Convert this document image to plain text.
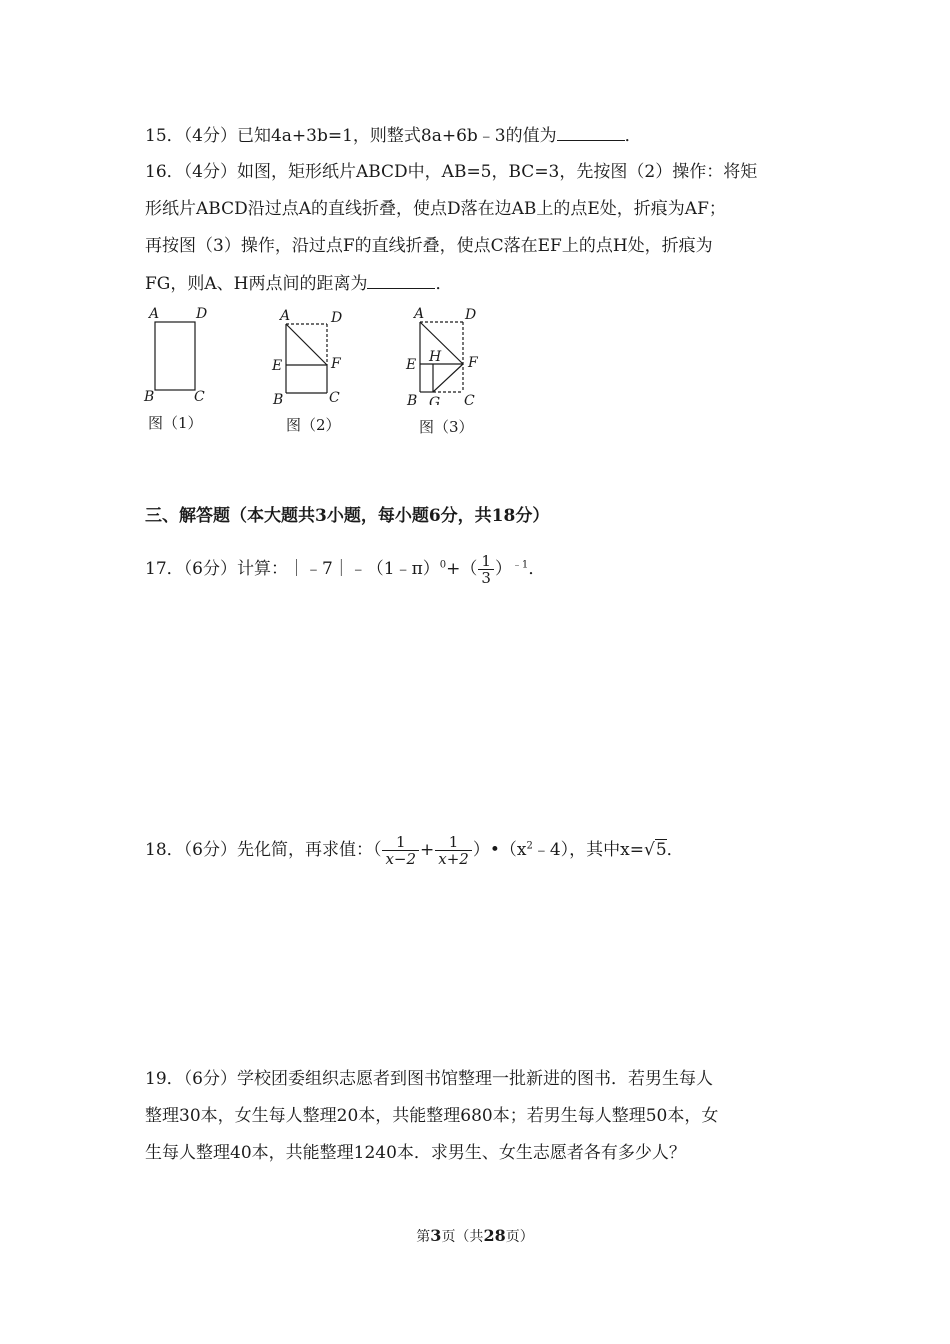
15．（4分）已知4a+3b=1，则整式8a+6b﹣3的值为	．
16．（4分）如图，矩形纸片ABCD中，AB=5，BC=3，先按图（2）操作：将矩
形纸片ABCD沿过点A的直线折叠，使点D落在边AB上的点E处，折痕为AF；
再按图（3）操作，沿过点F的直线折叠，使点C落在EF上的点H处，折痕为
FG，则A、H两点间的距离为	．
A	D
B	C
图（1）
A	D
E	F
B	C
图（2）
A	D
H
E	F
B G C
图（3）
三、解答题（本大题共3小题，每小题6分，共18分）
17．（6分）计算：｜﹣7｜﹣（1﹣π）$^0$+（ $\frac{1}{3} )^{﹣1}$．
18．（6分）先化简，再求值：（ $\frac{1}{x-2} + \frac{1}{x+2}$ ）$•(x^2﹣4)$，其中x=√5．
19．（6分）学校团委组织志愿者到图书馆整理一批新进的图书．若男生每人
整理30本，女生每人整理20本，共能整理680本；若男生每人整理50本，女
生每人整理40本，共能整理1240本．求男生、女生志愿者各有多少人？
第3页（共28页）
